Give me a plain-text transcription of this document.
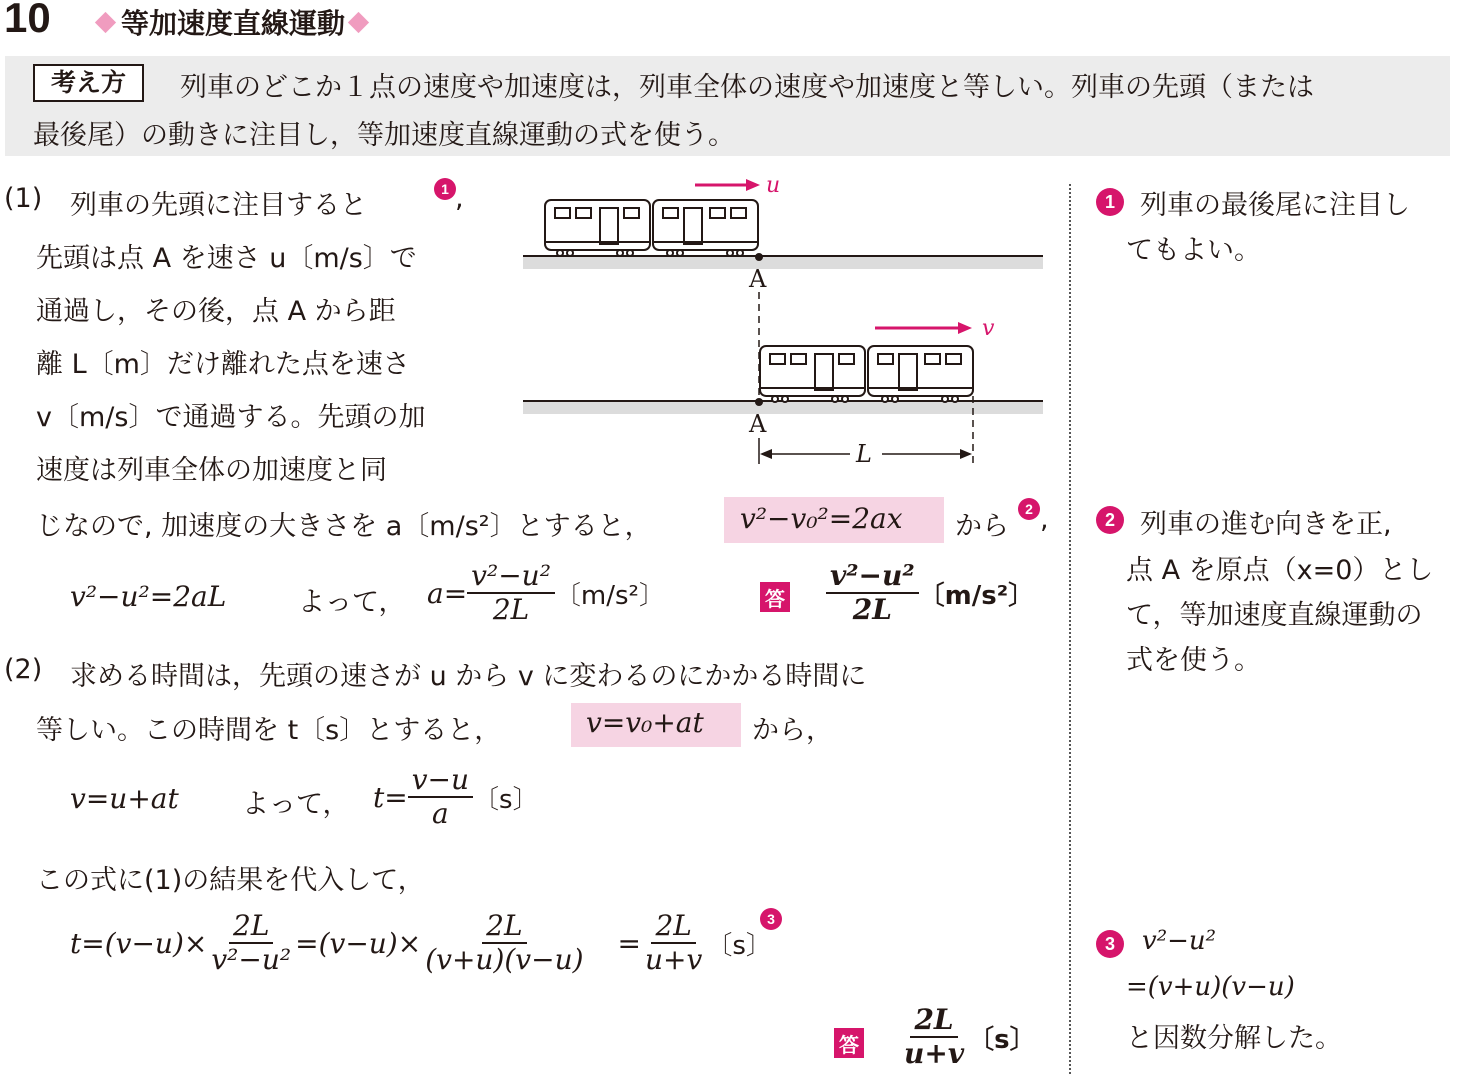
10	等加速度直線運動
考え方	列車のどこか１点の速度や加速度は，列車全体の速度や加速度と等しい。列車の先頭（または
最後尾）の動きに注目し，等加速度直線運動の式を使う。
(1) 列車の先頭に注目すると
1 ,
先頭は点 A を速さ u〔m/s〕で
通過し，その後，点 A から距
離 L〔m〕だけ離れた点を速さ
v〔m/s〕で通過する。先頭の加
速度は列車全体の加速度と同
じなので, 加速度の大きさを a〔m/s²〕とすると，	v²−v₀²=2ax から
2 ,
v²−u²=2aL	よって， $a= \frac{\text{v²−u²}}{2L}$ 〔m/s²〕	答 $\frac{\text{v²−u²}}{2L}$ 〔m/s²〕
u
A
v
A
L
(2) 求める時間は，先頭の速さが u から v に変わるのにかかる時間に
等しい。この時間を t〔s〕とすると，	v=v₀+at から，
v=u+at よって， $t= \frac{v-u}{a}$ 〔s〕
この式に(1)の結果を代入して，
$t=(v-u)\times \frac{2L}{\text{v²−u²}} =(v-u)\times \frac{2L}{(v+u)(v-u)} = \frac{2L}{u+v}$ 〔s〕
3
答 $\frac{2L}{u+v}$ 〔s〕
1 列車の最後尾に注目し
てもよい。
2 列車の進む向きを正,
点 A を原点（x=0）とし
て，等加速度直線運動の
式を使う。
3	v²−u²
=(v+u)(v−u)
と因数分解した。
